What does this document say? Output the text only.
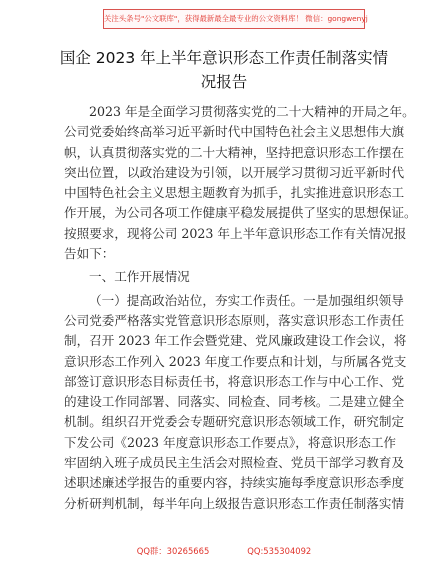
关注头条号"公文联库"，获得最新最全最专业的公文资料库！ 微信：gongwenyj
国企 2023 年上半年意识形态工作责任制落实情
况报告
2023 年是全面学习贯彻落实党的二十大精神的开局之年。
公司党委始终高举习近平新时代中国特色社会主义思想伟大旗
帜，认真贯彻落实党的二十大精神，坚持把意识形态工作摆在
突出位置，以政治建设为引领，以开展学习贯彻习近平新时代
中国特色社会主义思想主题教育为抓手，扎实推进意识形态工
作开展，为公司各项工作健康平稳发展提供了坚实的思想保证。
按照要求，现将公司 2023 年上半年意识形态工作有关情况报
告如下：
一、工作开展情况
（一）提高政治站位，夯实工作责任。一是加强组织领导
公司党委严格落实党管意识形态原则，落实意识形态工作责任
制，召开 2023 年工作会暨党建、党风廉政建设工作会议，将
意识形态工作列入 2023 年度工作要点和计划，与所属各党支
部签订意识形态目标责任书，将意识形态工作与中心工作、党
的建设工作同部署、同落实、同检查、同考核。二是建立健全
机制。组织召开党委会专题研究意识形态领域工作，研究制定
下发公司《2023 年度意识形态工作要点》，将意识形态工作
牢固纳入班子成员民主生活会对照检查、党员干部学习教育及
述职述廉述学报告的重要内容，持续实施每季度意识形态季度
分析研判机制，每半年向上级报告意识形态工作责任制落实情
QQ群：30265665	QQ:535304092
